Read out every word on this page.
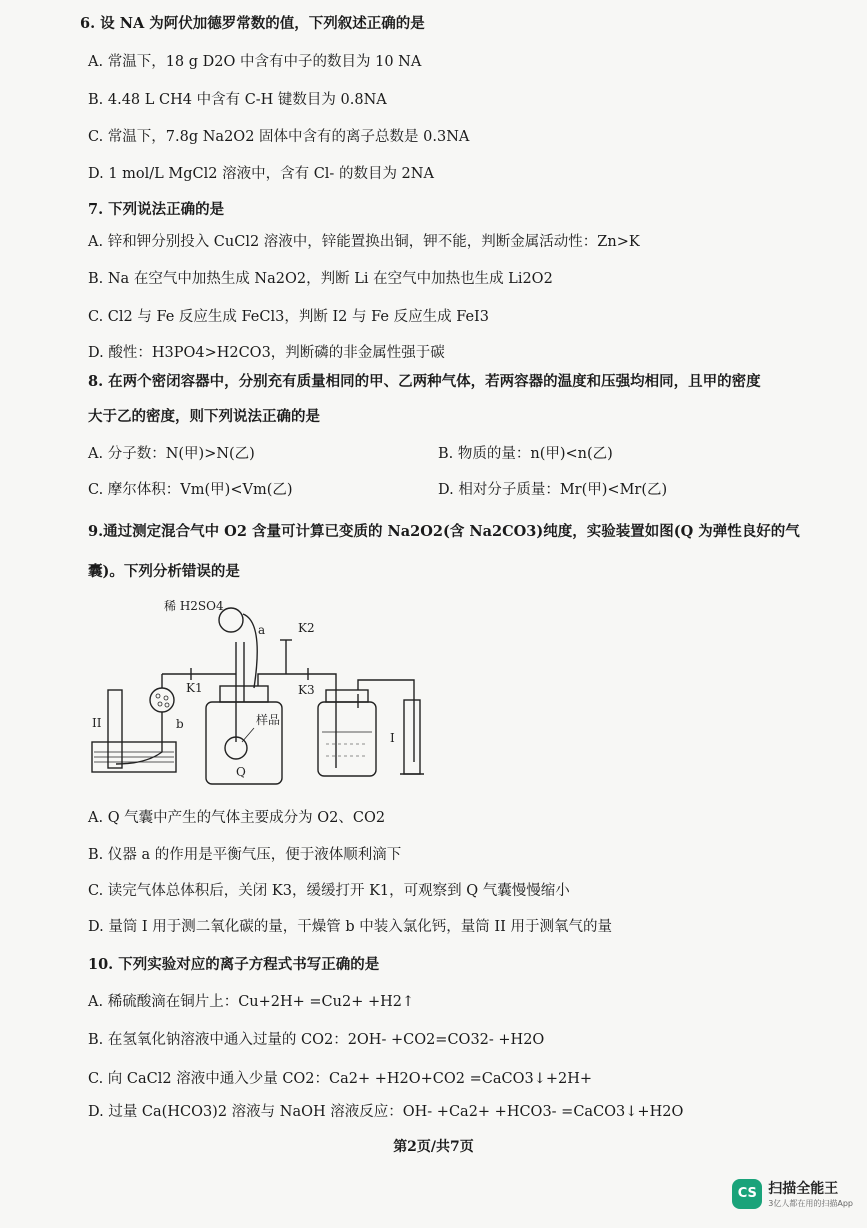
6. 设 NA 为阿伏加德罗常数的值，下列叙述正确的是
A. 常温下，18 g D2O 中含有中子的数目为 10 NA
B. 4.48 L CH4 中含有 C-H 键数目为 0.8NA
C. 常温下，7.8g Na2O2 固体中含有的离子总数是 0.3NA
D. 1 mol/L MgCl2 溶液中，含有 Cl- 的数目为 2NA
7. 下列说法正确的是
A. 锌和钾分别投入 CuCl2 溶液中，锌能置换出铜，钾不能，判断金属活动性：Zn>K
B. Na 在空气中加热生成 Na2O2，判断 Li 在空气中加热也生成 Li2O2
C. Cl2 与 Fe 反应生成 FeCl3，判断 I2 与 Fe 反应生成 FeI3
D. 酸性：H3PO4>H2CO3，判断磷的非金属性强于碳
8. 在两个密闭容器中，分别充有质量相同的甲、乙两种气体，若两容器的温度和压强均相同，且甲的密度
大于乙的密度，则下列说法正确的是
A. 分子数：N(甲)>N(乙)	B. 物质的量：n(甲)<n(乙)
C. 摩尔体积：Vm(甲)<Vm(乙)	D. 相对分子质量：Mr(甲)<Mr(乙)
9.通过测定混合气中 O2 含量可计算已变质的 Na2O2(含 Na2CO3)纯度，实验装置如图(Q 为弹性良好的气
囊)。下列分析错误的是
II	b
K1
稀 H2SO4
a
Q
样品
K2
K3
I
A. Q 气囊中产生的气体主要成分为 O2、CO2
B. 仪器 a 的作用是平衡气压，便于液体顺利滴下
C. 读完气体总体积后，关闭 K3，缓缓打开 K1，可观察到 Q 气囊慢慢缩小
D. 量筒 I 用于测二氧化碳的量，干燥管 b 中装入氯化钙，量筒 II 用于测氧气的量
10. 下列实验对应的离子方程式书写正确的是
A. 稀硫酸滴在铜片上：Cu+2H+ =Cu2+ +H2↑
B. 在氢氧化钠溶液中通入过量的 CO2：2OH- +CO2=CO32- +H2O
C. 向 CaCl2 溶液中通入少量 CO2：Ca2+ +H2O+CO2 =CaCO3↓+2H+
D. 过量 Ca(HCO3)2 溶液与 NaOH 溶液反应：OH- +Ca2+ +HCO3- =CaCO3↓+H2O
第2页/共7页
CS 扫描全能王
3亿人都在用的扫描App
